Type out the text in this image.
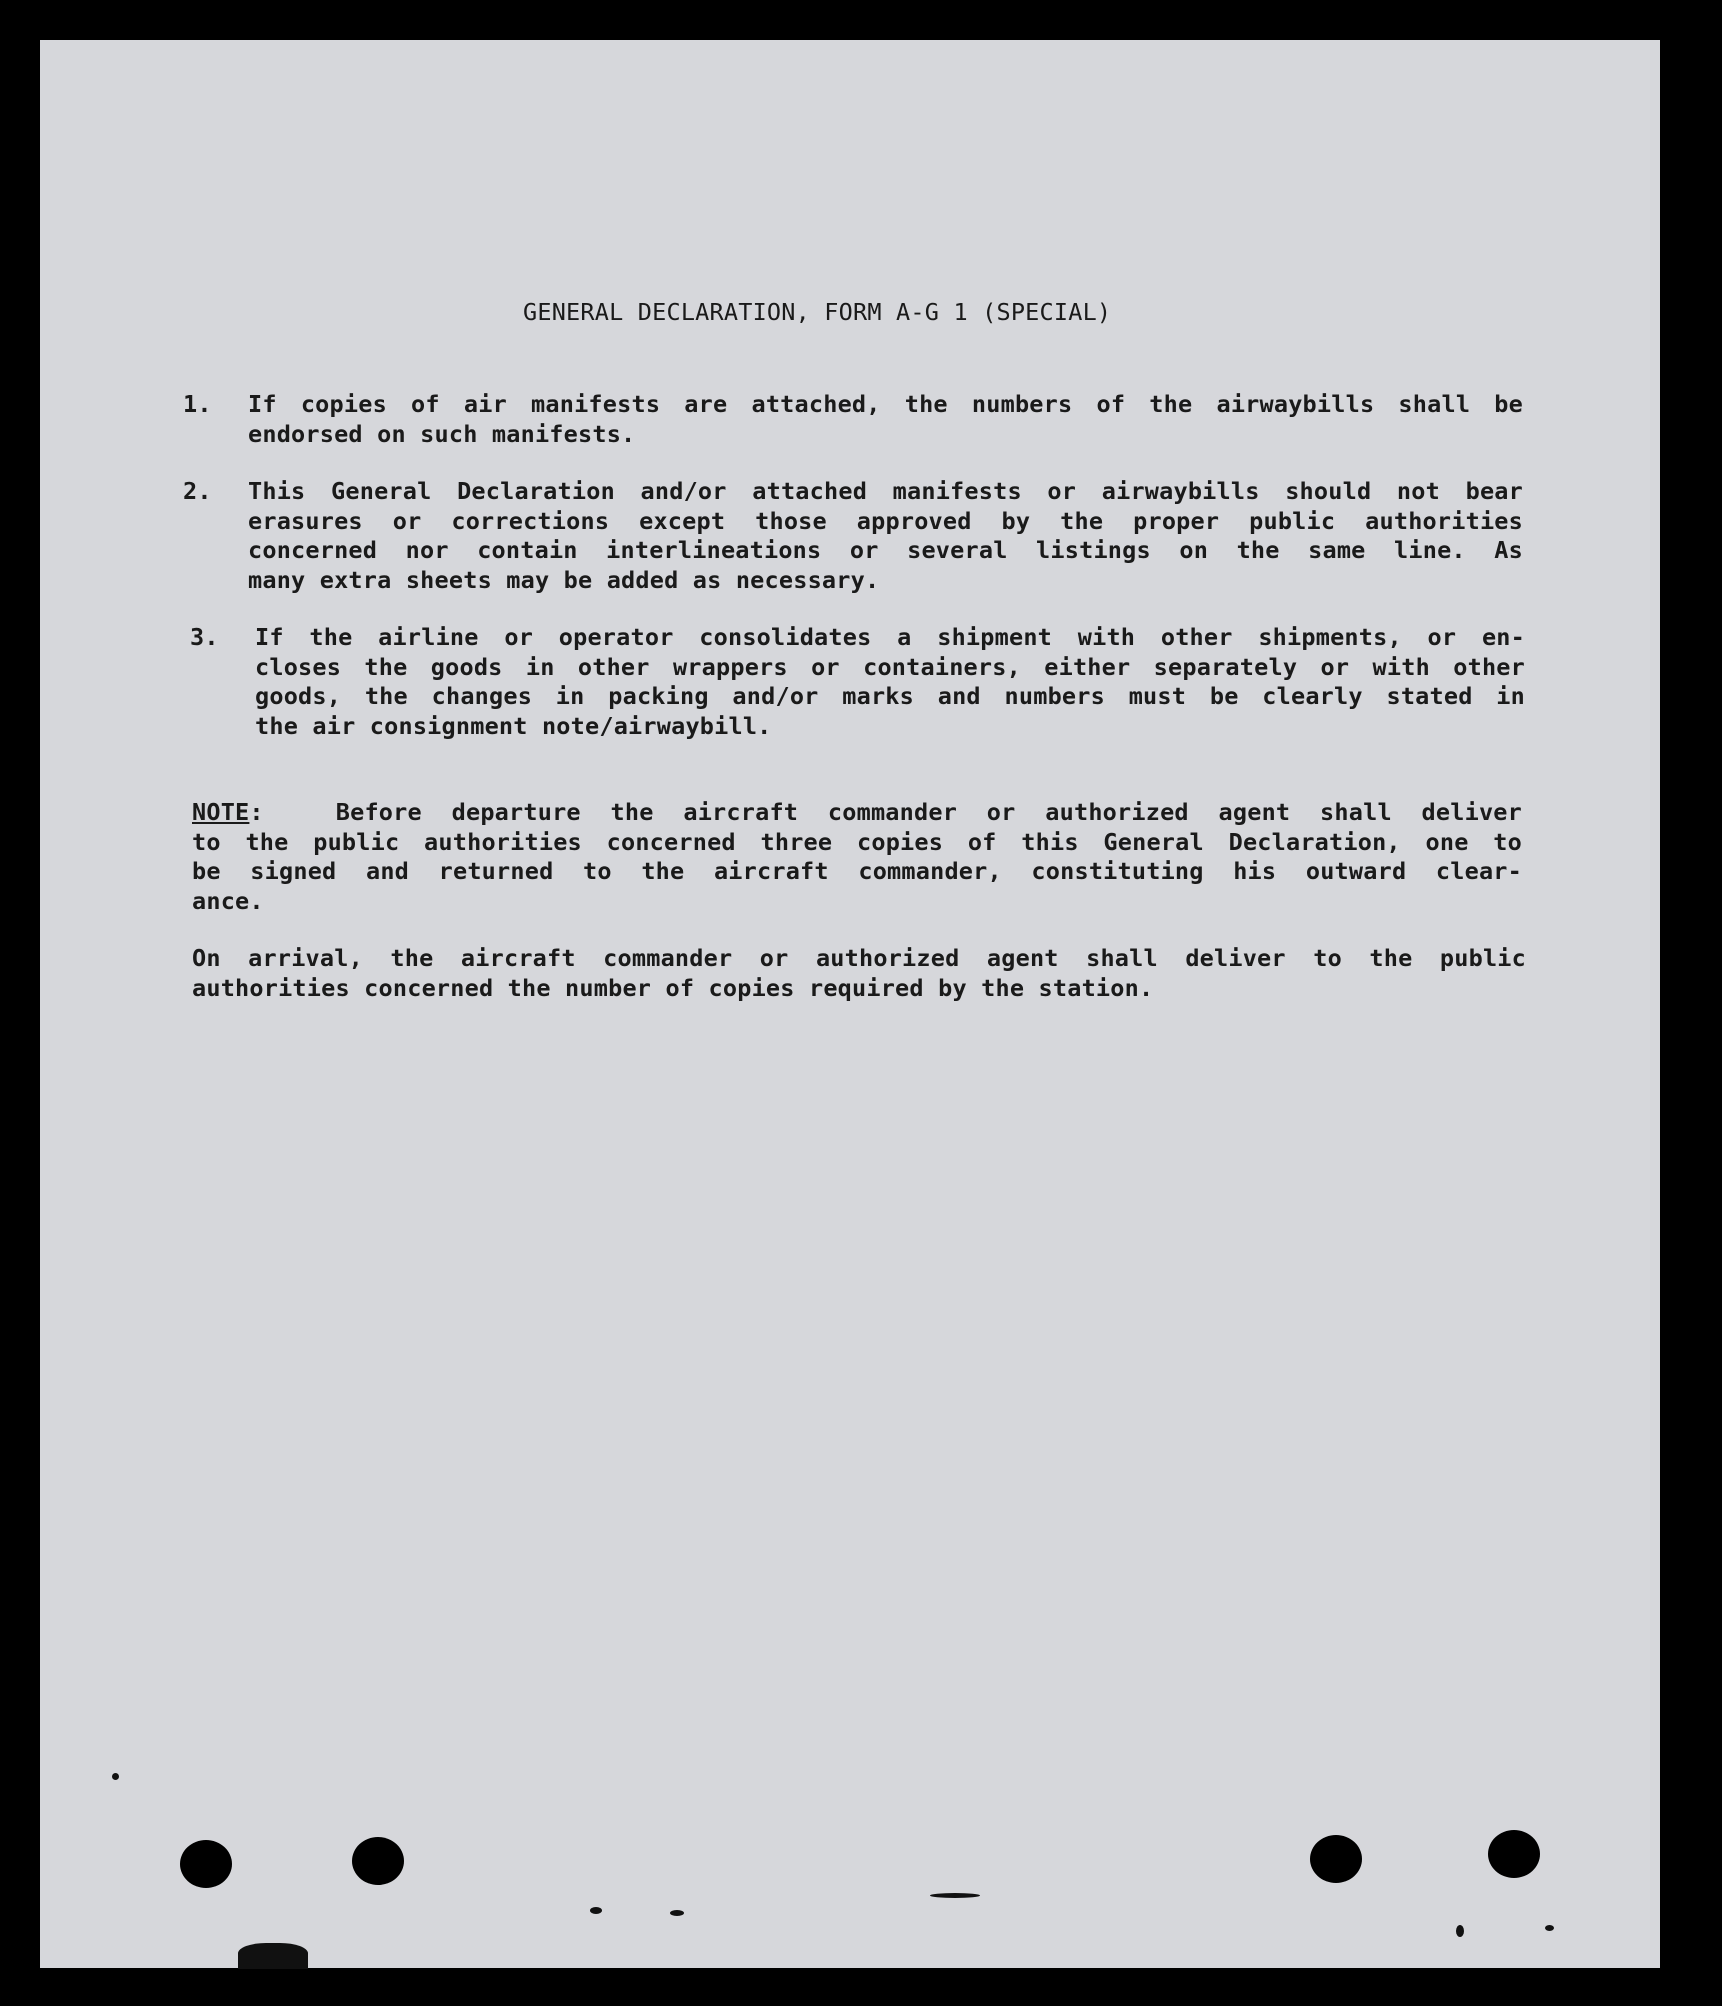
GENERAL DECLARATION, FORM A-G 1 (SPECIAL)
1.	If copies of air manifests are attached, the numbers of the airwaybills shall be
endorsed on such manifests.
2.	This General Declaration and/or attached manifests or airwaybills should not bear
erasures or corrections except those approved by the proper public authorities
concerned nor contain interlineations or several listings on the same line. As
many extra sheets may be added as necessary.
3.	If the airline or operator consolidates a shipment with other shipments, or en-
closes the goods in other wrappers or containers, either separately or with other
goods, the changes in packing and/or marks and numbers must be clearly stated in
the air consignment note/airwaybill.
NOTE:	Before departure the aircraft commander or authorized agent shall deliver
to the public authorities concerned three copies of this General Declaration, one to
be signed and returned to the aircraft commander, constituting his outward clear-
ance.
On arrival, the aircraft commander or authorized agent shall deliver to the public
authorities concerned the number of copies required by the station.
